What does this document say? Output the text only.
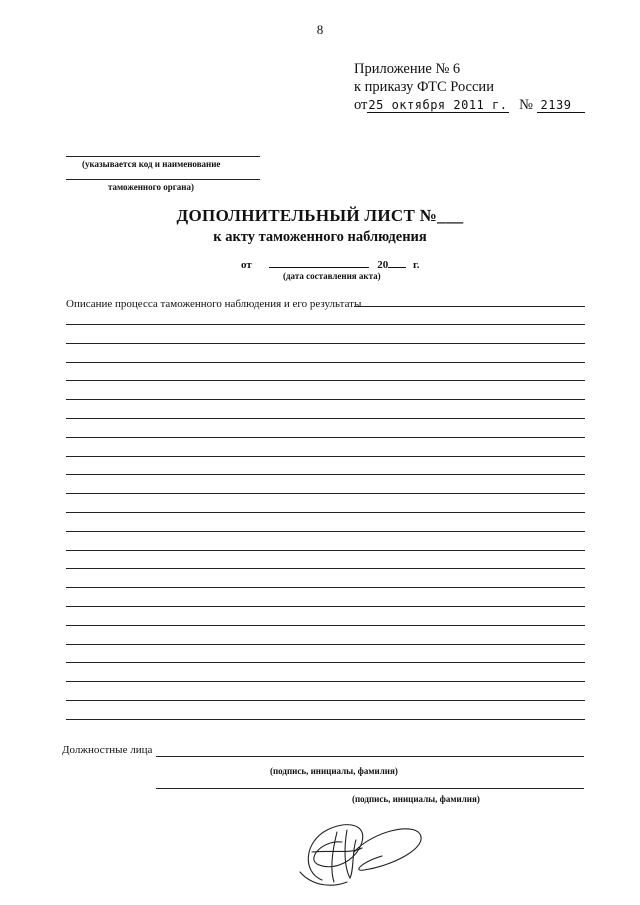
8
Приложение № 6
к приказу ФТС России
от25 октября 2011 г. № 2139
(указывается код и наименование
таможенного органа)
ДОПОЛНИТЕЛЬНЫЙ ЛИСТ №___
к акту таможенного наблюдения
от	20 г.
(дата составления акта)
Описание процесса таможенного наблюдения и его результаты
Должностные лица
(подпись, инициалы, фамилия)
(подпись, инициалы, фамилия)
